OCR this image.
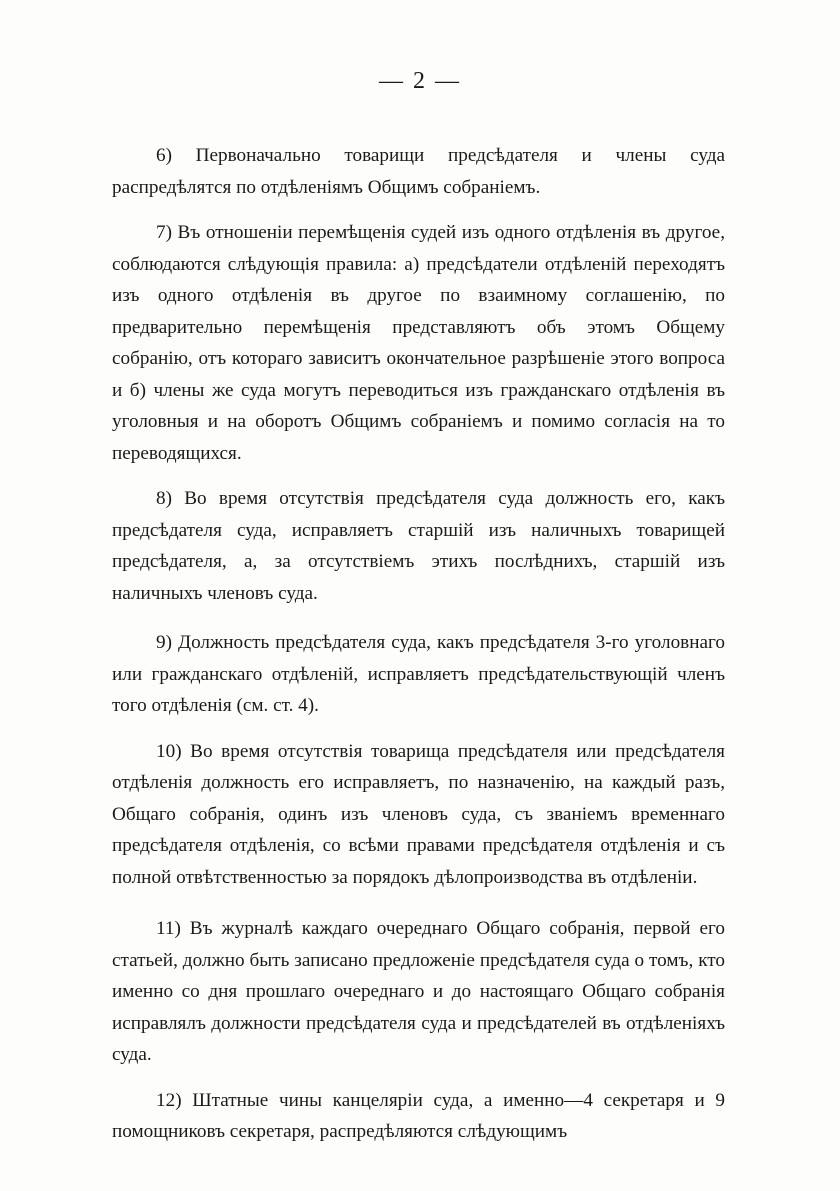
— 2 —

6) Первоначально товарищи предсѣдателя и члены суда распредѣлятся по отдѣленіямъ Общимъ собраніемъ.

7) Въ отношеніи перемѣщенія судей изъ одного отдѣленія въ другое, соблюдаются слѣдующія правила: а) предсѣдатели отдѣленій переходятъ изъ одного отдѣленія въ другое по взаимному соглашенію, по предварительно перемѣщенія представляютъ объ этомъ Общему собранію, отъ котораго зависитъ окончательное разрѣшеніе этого вопроса и б) члены же суда могутъ переводиться изъ гражданскаго отдѣленія въ уголовныя и на оборотъ Общимъ собраніемъ и помимо согласія на то переводящихся.

8) Во время отсутствія предсѣдателя суда должность его, какъ предсѣдателя суда, исправляетъ старшій изъ наличныхъ товарищей предсѣдателя, а, за отсутствіемъ этихъ послѣднихъ, старшій изъ наличныхъ членовъ суда.

9) Должность предсѣдателя суда, какъ предсѣдателя 3-го уголовнаго или гражданскаго отдѣленій, исправляетъ предсѣдательствующій членъ того отдѣленія (см. ст. 4).

10) Во время отсутствія товарища предсѣдателя или предсѣдателя отдѣленія должность его исправляетъ, по назначенію, на каждый разъ, Общаго собранія, одинъ изъ членовъ суда, съ званіемъ временнаго предсѣдателя отдѣленія, со всѣми правами предсѣдателя отдѣленія и съ полной отвѣтственностью за порядокъ дѣлопроизводства въ отдѣленіи.

11) Въ журналѣ каждаго очереднаго Общаго собранія, первой его статьей, должно быть записано предложеніе предсѣдателя суда о томъ, кто именно со дня прошлаго очереднаго и до настоящаго Общаго собранія исправлялъ должности предсѣдателя суда и предсѣдателей въ отдѣленіяхъ суда.

12) Штатные чины канцеляріи суда, а именно—4 секретаря и 9 помощниковъ секретаря, распредѣляются слѣдующимъ
